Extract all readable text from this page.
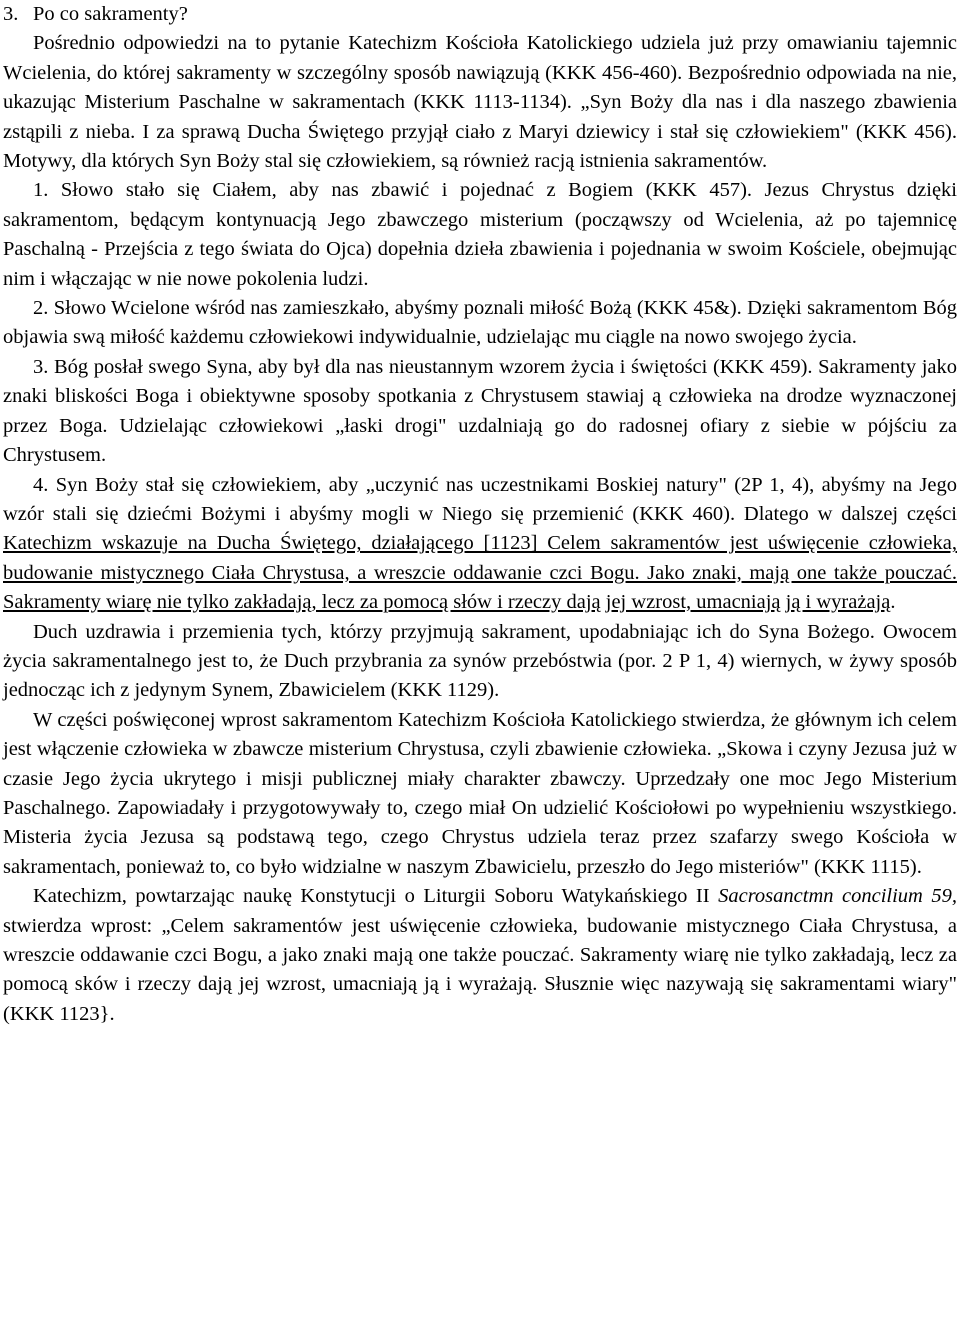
3. Po co sakramenty?

Pośrednio odpowiedzi na to pytanie Katechizm Kościoła Katolickiego udziela już przy omawianiu tajemnic Wcielenia, do której sakramenty w szczególny sposób nawiązują (KKK 456-460). Bezpośrednio odpowiada na nie, ukazując Misterium Paschalne w sakramentach (KKK 1113-1134). „Syn Boży dla nas i dla naszego zbawienia zstąpili z nieba. I za sprawą Ducha Świętego przyjął ciało z Maryi dziewicy i stał się człowiekiem" (KKK 456). Motywy, dla których Syn Boży stal się człowiekiem, są również racją istnienia sakramentów.

1. Słowo stało się Ciałem, aby nas zbawić i pojednać z Bogiem (KKK 457). Jezus Chrystus dzięki sakramentom, będącym kontynuacją Jego zbawczego misterium (począwszy od Wcielenia, aż po tajemnicę Paschalną - Przejścia z tego świata do Ojca) dopełnia dzieła zbawienia i pojednania w swoim Kościele, obejmując nim i włączając w nie nowe pokolenia ludzi.

2. Słowo Wcielone wśród nas zamieszkało, abyśmy poznali miłość Bożą (KKK 45&). Dzięki sakramentom Bóg objawia swą miłość każdemu człowiekowi indywidualnie, udzielając mu ciągle na nowo swojego życia.

3. Bóg posłał swego Syna, aby był dla nas nieustannym wzorem życia i świętości (KKK 459). Sakramenty jako znaki bliskości Boga i obiektywne sposoby spotkania z Chrystusem stawiaj ą człowieka na drodze wyznaczonej przez Boga. Udzielając człowiekowi „łaski drogi" uzdalniają go do radosnej ofiary z siebie w pójściu za Chrystusem.

4. Syn Boży stał się człowiekiem, aby „uczynić nas uczestnikami Boskiej natury" (2P 1, 4), abyśmy na Jego wzór stali się dziećmi Bożymi i abyśmy mogli w Niego się przemienić (KKK 460). Dlatego w dalszej części Katechizm wskazuje na Ducha Świętego, działającego [1123] Celem sakramentów jest uświęcenie człowieka, budowanie mistycznego Ciała Chrystusa, a wreszcie oddawanie czci Bogu. Jako znaki, mają one także pouczać. Sakramenty wiarę nie tylko zakładają, lecz za pomocą słów i rzeczy dają jej wzrost, umacniają ją i wyrażają.

Duch uzdrawia i przemienia tych, którzy przyjmują sakrament, upodabniając ich do Syna Bożego. Owocem życia sakramentalnego jest to, że Duch przybrania za synów przebóstwia (por. 2 P 1, 4) wiernych, w żywy sposób jednocząc ich z jedynym Synem, Zbawicielem (KKK 1129).

W części poświęconej wprost sakramentom Katechizm Kościoła Katolickiego stwierdza, że głównym ich celem jest włączenie człowieka w zbawcze misterium Chrystusa, czyli zbawienie człowieka. „Skowa i czyny Jezusa już w czasie Jego życia ukrytego i misji publicznej miały charakter zbawczy. Uprzedzały one moc Jego Misterium Paschalnego. Zapowiadały i przygotowywały to, czego miał On udzielić Kościołowi po wypełnieniu wszystkiego. Misteria życia Jezusa są podstawą tego, czego Chrystus udziela teraz przez szafarzy swego Kościoła w sakramentach, ponieważ to, co było widzialne w naszym Zbawicielu, przeszło do Jego misteriów" (KKK 1115).

Katechizm, powtarzając naukę Konstytucji o Liturgii Soboru Watykańskiego II Sacrosanctmn concilium 59, stwierdza wprost: „Celem sakramentów jest uświęcenie człowieka, budowanie mistycznego Ciała Chrystusa, a wreszcie oddawanie czci Bogu, a jako znaki mają one także pouczać. Sakramenty wiarę nie tylko zakładają, lecz za pomocą sków i rzeczy dają jej wzrost, umacniają ją i wyrażają. Słusznie więc nazywają się sakramentami wiary" (KKK 1123}.
